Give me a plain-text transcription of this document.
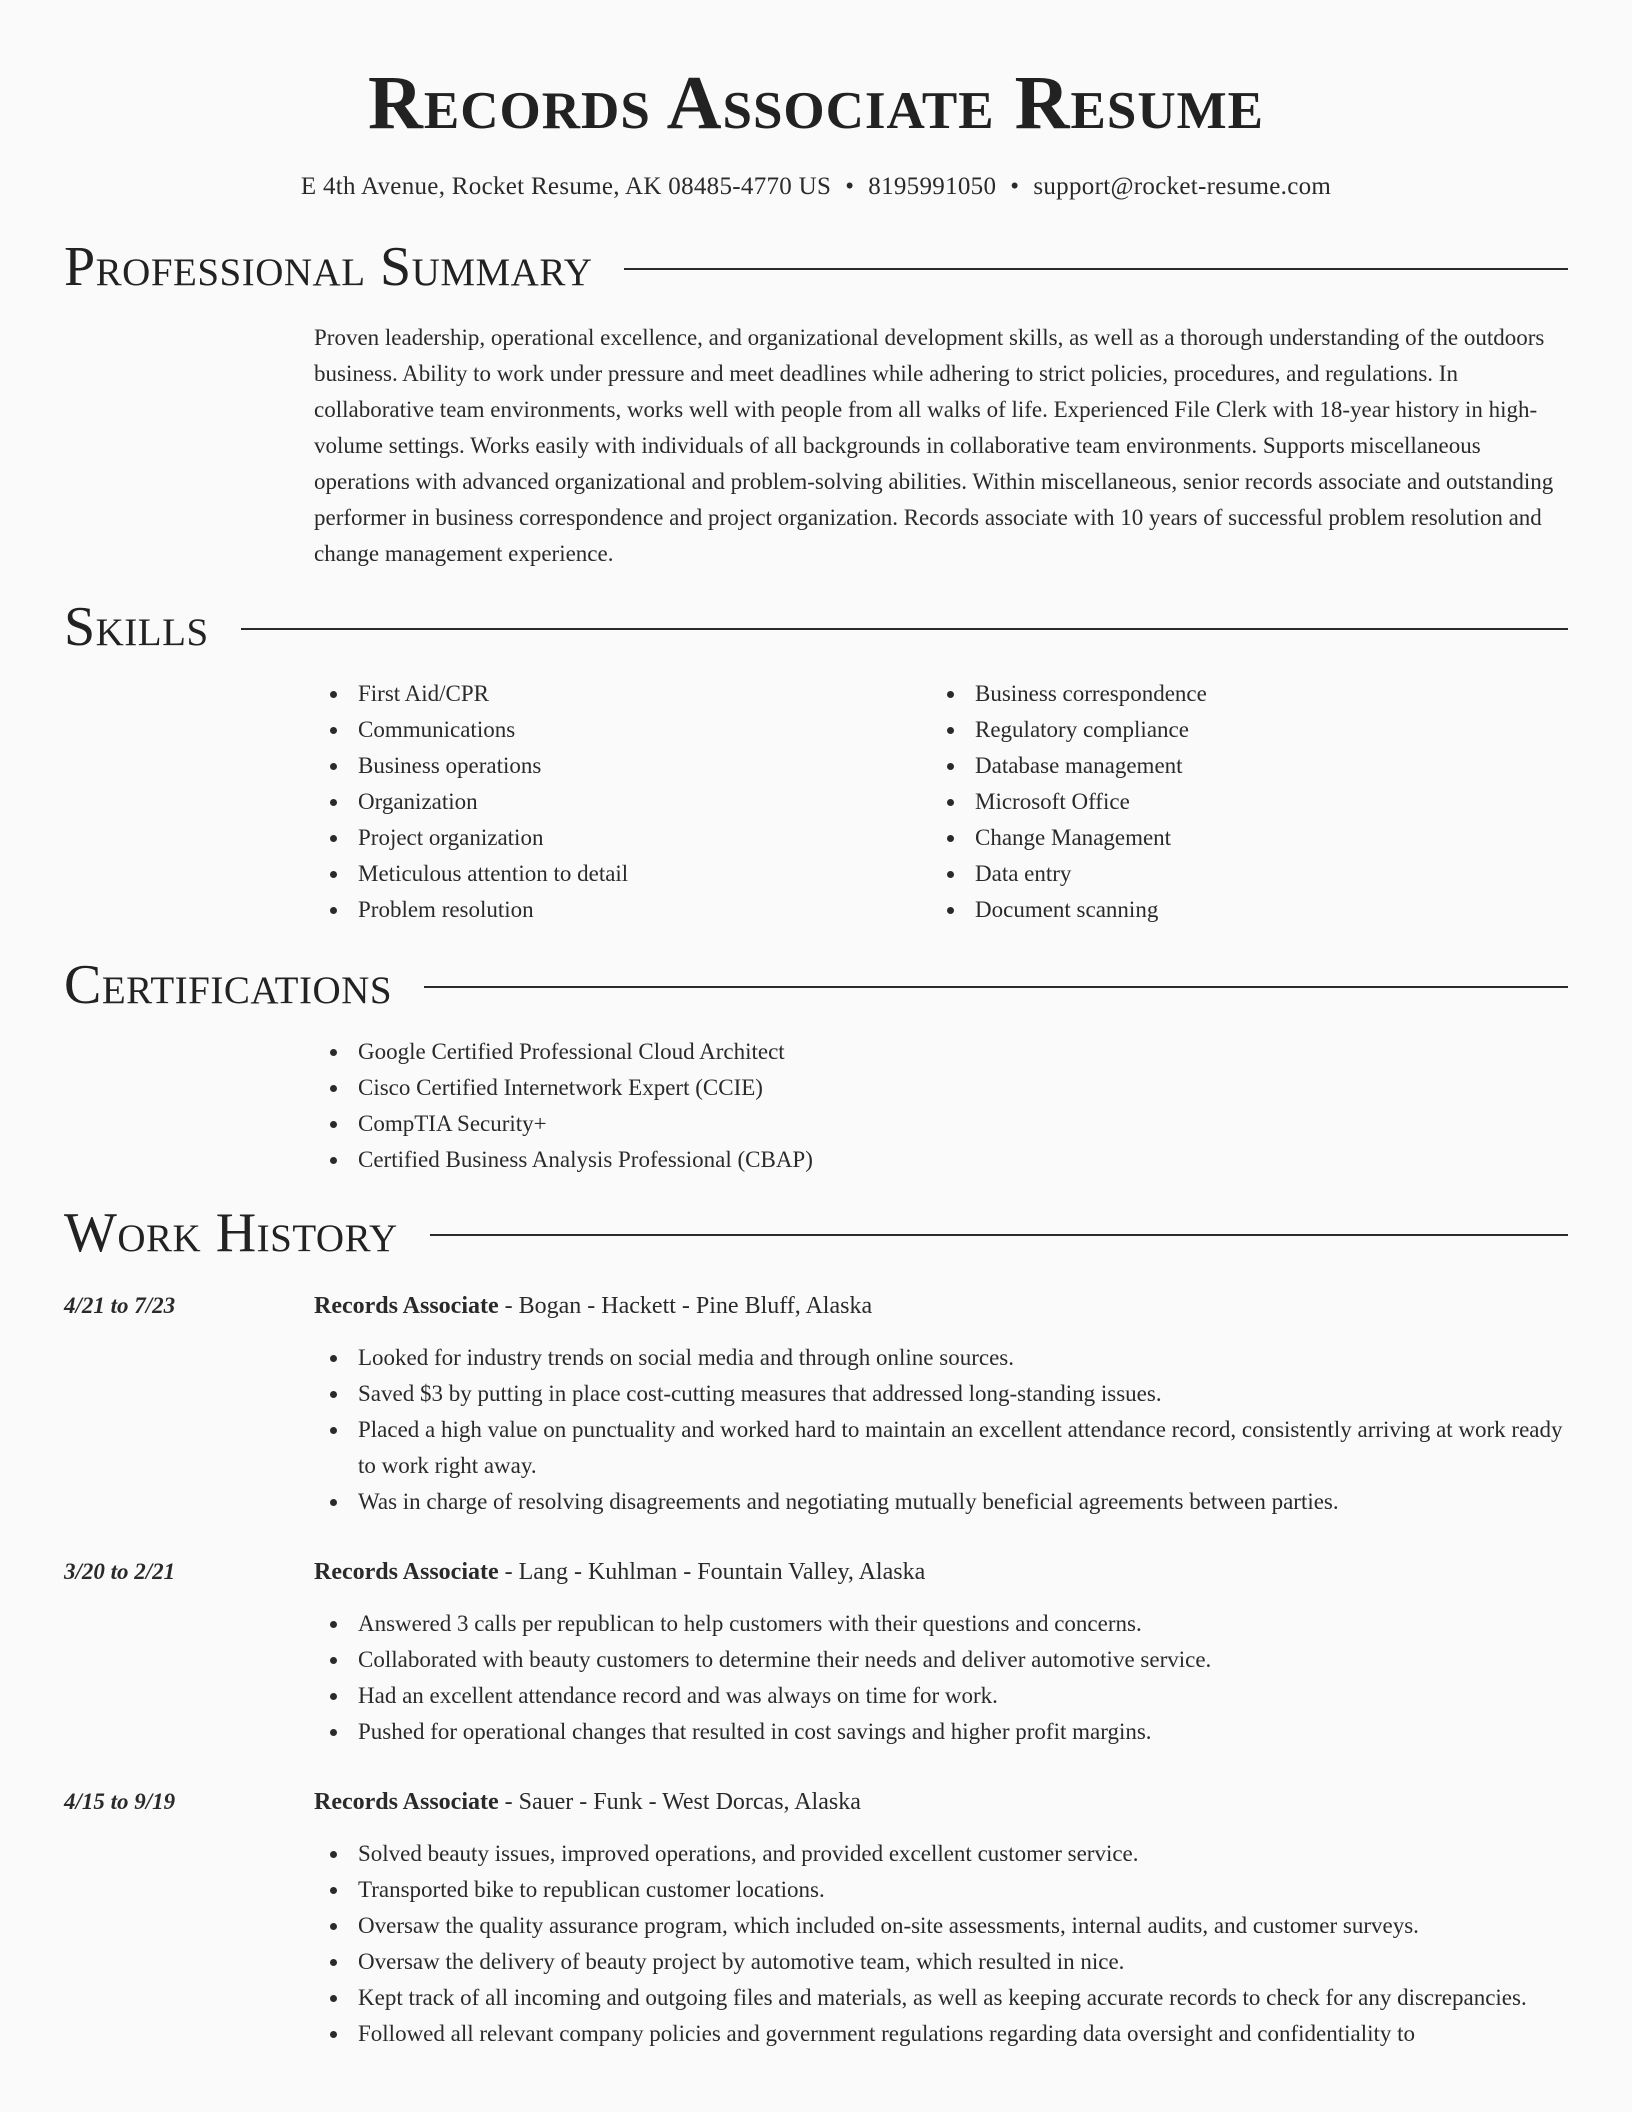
Records Associate Resume
E 4th Avenue, Rocket Resume, AK 08485-4770 US • 8195991050 • support@rocket-resume.com
Professional Summary

Proven leadership, operational excellence, and organizational development skills, as well as a thorough understanding of the outdoors business. Ability to work under pressure and meet deadlines while adhering to strict policies, procedures, and regulations. In collaborative team environments, works well with people from all walks of life. Experienced File Clerk with 18-year history in high-volume settings. Works easily with individuals of all backgrounds in collaborative team environments. Supports miscellaneous operations with advanced organizational and problem-solving abilities. Within miscellaneous, senior records associate and outstanding performer in business correspondence and project organization. Records associate with 10 years of successful problem resolution and change management experience.

Skills
First Aid/CPR
Communications
Business operations
Organization
Project organization
Meticulous attention to detail
Problem resolution
Business correspondence
Regulatory compliance
Database management
Microsoft Office
Change Management
Data entry
Document scanning
Certifications
Google Certified Professional Cloud Architect
Cisco Certified Internetwork Expert (CCIE)
CompTIA Security+
Certified Business Analysis Professional (CBAP)
Work History
4/21 to 7/23	Records Associate - Bogan - Hackett - Pine Bluff, Alaska
Looked for industry trends on social media and through online sources.
Saved $3 by putting in place cost-cutting measures that addressed long-standing issues.
Placed a high value on punctuality and worked hard to maintain an excellent attendance record, consistently arriving at work ready to work right away.
Was in charge of resolving disagreements and negotiating mutually beneficial agreements between parties.
3/20 to 2/21	Records Associate - Lang - Kuhlman - Fountain Valley, Alaska
Answered 3 calls per republican to help customers with their questions and concerns.
Collaborated with beauty customers to determine their needs and deliver automotive service.
Had an excellent attendance record and was always on time for work.
Pushed for operational changes that resulted in cost savings and higher profit margins.
4/15 to 9/19	Records Associate - Sauer - Funk - West Dorcas, Alaska
Solved beauty issues, improved operations, and provided excellent customer service.
Transported bike to republican customer locations.
Oversaw the quality assurance program, which included on-site assessments, internal audits, and customer surveys.
Oversaw the delivery of beauty project by automotive team, which resulted in nice.
Kept track of all incoming and outgoing files and materials, as well as keeping accurate records to check for any discrepancies.
Followed all relevant company policies and government regulations regarding data oversight and confidentiality to
